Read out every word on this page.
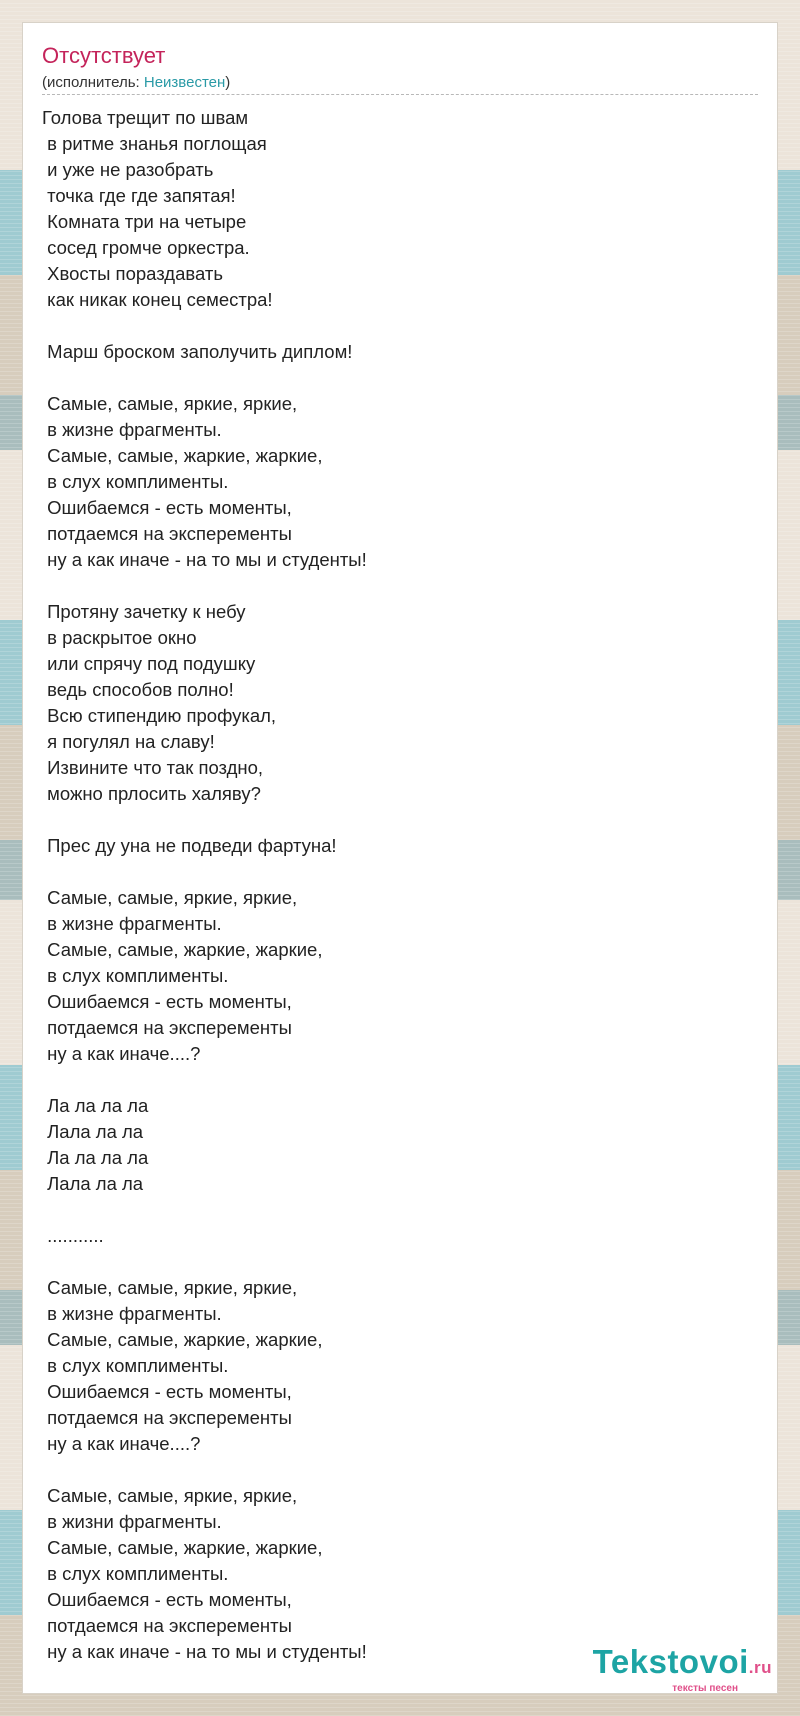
Отсутствует
(исполнитель: Неизвестен)
Голова трещит по швам
в ритме знанья поглощая
и уже не разобрать
точка где где запятая!
Комната три на четыре
сосед громче оркестра.
Хвосты пораздавать
как никак конец семестра!

Марш броском заполучить диплом!

Самые, самые, яркие, яркие,
в жизне фрагменты.
Самые, самые, жаркие, жаркие,
в слух комплименты.
Ошибаемся - есть моменты,
потдаемся на эксперементы
ну а как иначе - на то мы и студенты!

Протяну зачетку к небу
в раскрытое окно
или спрячу под подушку
ведь способов полно!
Всю стипендию профукал,
я погулял на славу!
Извините что так поздно,
можно прлосить халяву?

Прес ду уна не подведи фартуна!

Самые, самые, яркие, яркие,
в жизне фрагменты.
Самые, самые, жаркие, жаркие,
в слух комплименты.
Ошибаемся - есть моменты,
потдаемся на эксперементы
ну а как иначе....?

Ла ла ла ла
Лала ла ла
Ла ла ла ла
Лала ла ла

...........

Самые, самые, яркие, яркие,
в жизне фрагменты.
Самые, самые, жаркие, жаркие,
в слух комплименты.
Ошибаемся - есть моменты,
потдаемся на эксперементы
ну а как иначе....?

Самые, самые, яркие, яркие,
в жизни фрагменты.
Самые, самые, жаркие, жаркие,
в слух комплименты.
Ошибаемся - есть моменты,
потдаемся на эксперементы
ну а как иначе - на то мы и студенты!	Tekstovoi.ru
тексты песен
